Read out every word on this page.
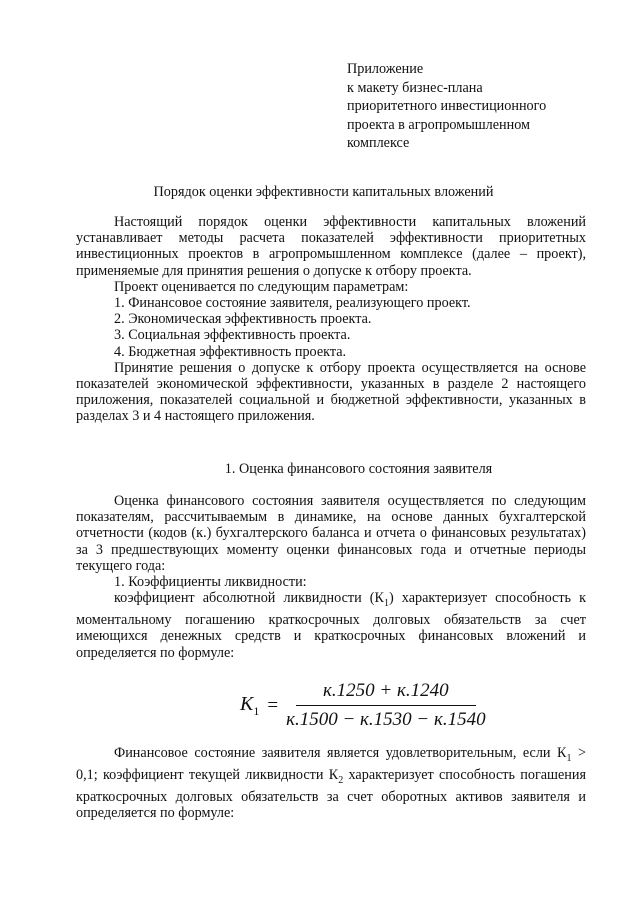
Приложение
к макету бизнес-плана
приоритетного инвестиционного
проекта в агропромышленном
комплексе
Порядок оценки эффективности капитальных вложений
Настоящий порядок оценки эффективности капитальных вложений устанавливает методы расчета показателей эффективности приоритетных инвестиционных проектов в агропромышленном комплексе (далее – проект), применяемые для принятия решения о допуске к отбору проекта.
Проект оценивается по следующим параметрам:
1. Финансовое состояние заявителя, реализующего проект.
2. Экономическая эффективность проекта.
3. Социальная эффективность проекта.
4. Бюджетная эффективность проекта.
Принятие решения о допуске к отбору проекта осуществляется на основе показателей экономической эффективности, указанных в разделе 2 настоящего приложения, показателей социальной и бюджетной эффективности, указанных в разделах 3 и 4 настоящего приложения.
1. Оценка финансового состояния заявителя
Оценка финансового состояния заявителя осуществляется по следующим показателям, рассчитываемым в динамике, на основе данных бухгалтерской отчетности (кодов (к.) бухгалтерского баланса и отчета о финансовых результатах) за 3 предшествующих моменту оценки финансовых года и отчетные периоды текущего года:
1. Коэффициенты ликвидности:
коэффициент абсолютной ликвидности $(К_1)$ характеризует способность к моментальному погашению краткосрочных долговых обязательств за счет имеющихся денежных средств и краткосрочных финансовых вложений и определяется по формуле:
$K_1 = \frac{к.1250 + к.1240}{к.1500 - к.1530 - к.1540}$
Финансовое состояние заявителя является удовлетворительным, если $К_1 > 0,1$; коэффициент текущей ликвидности $К_2$ характеризует способность погашения краткосрочных долговых обязательств за счет оборотных активов заявителя и определяется по формуле:
